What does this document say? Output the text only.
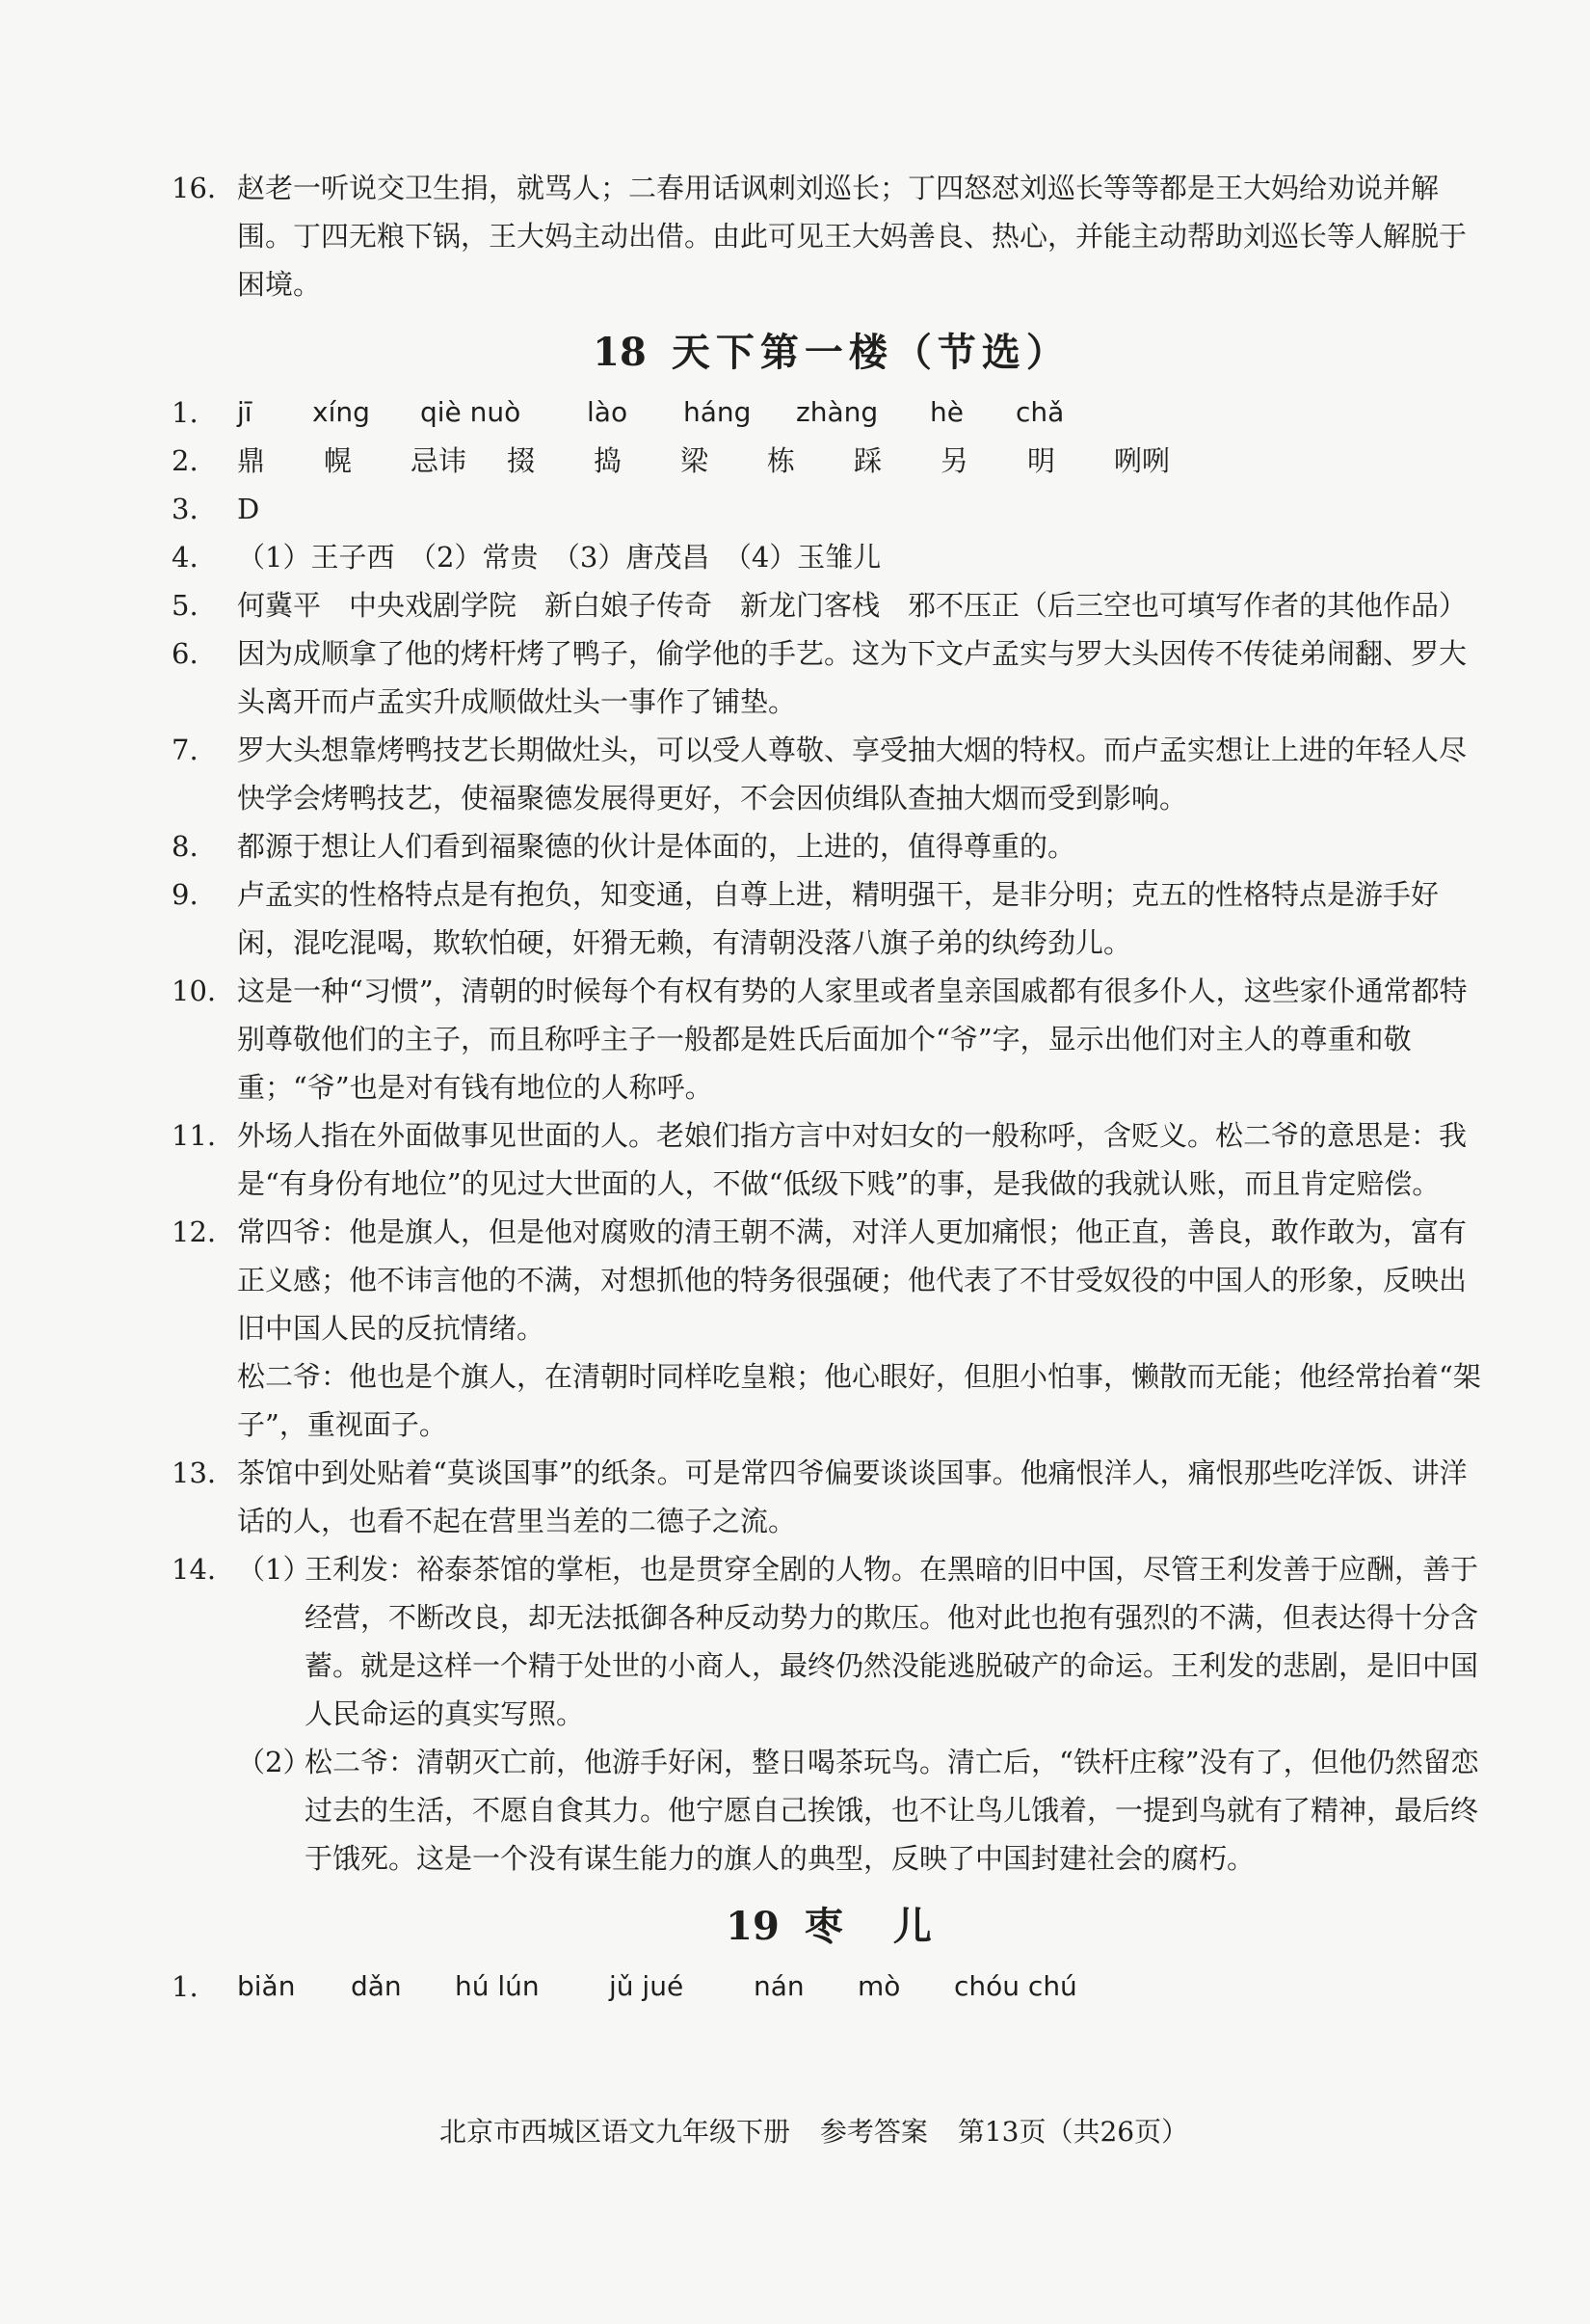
16. 赵老一听说交卫生捐，就骂人；二春用话讽刺刘巡长；丁四怒怼刘巡长等等都是王大妈给劝说并解围。丁四无粮下锅，王大妈主动出借。由此可见王大妈善良、热心，并能主动帮助刘巡长等人解脱于困境。

18 天下第一楼（节选）
1.	jī	xíng	qiè nuò	lào	háng	zhàng	hè	chǎ
2.	鼎	幌	忌讳	掇	捣	梁	栋	踩	另	明	咧咧

3.	D

4.	（1）王子西　（2）常贵　（3）唐茂昌　（4）玉雏儿

5.	何冀平　中央戏剧学院　新白娘子传奇　新龙门客栈　邪不压正（后三空也可填写作者的其他作品）

6.	因为成顺拿了他的烤杆烤了鸭子，偷学他的手艺。这为下文卢孟实与罗大头因传不传徒弟闹翻、罗大头离开而卢孟实升成顺做灶头一事作了铺垫。

7.	罗大头想靠烤鸭技艺长期做灶头，可以受人尊敬、享受抽大烟的特权。而卢孟实想让上进的年轻人尽快学会烤鸭技艺，使福聚德发展得更好，不会因侦缉队查抽大烟而受到影响。

8.	都源于想让人们看到福聚德的伙计是体面的，上进的，值得尊重的。

9.	卢孟实的性格特点是有抱负，知变通，自尊上进，精明强干，是非分明；克五的性格特点是游手好闲，混吃混喝，欺软怕硬，奸猾无赖，有清朝没落八旗子弟的纨绔劲儿。

10. 这是一种“习惯”，清朝的时候每个有权有势的人家里或者皇亲国戚都有很多仆人，这些家仆通常都特别尊敬他们的主子，而且称呼主子一般都是姓氏后面加个“爷”字，显示出他们对主人的尊重和敬重；“爷”也是对有钱有地位的人称呼。

11. 外场人指在外面做事见世面的人。老娘们指方言中对妇女的一般称呼，含贬义。松二爷的意思是：我是“有身份有地位”的见过大世面的人，不做“低级下贱”的事，是我做的我就认账，而且肯定赔偿。

12. 常四爷：他是旗人，但是他对腐败的清王朝不满，对洋人更加痛恨；他正直，善良，敢作敢为，富有正义感；他不讳言他的不满，对想抓他的特务很强硬；他代表了不甘受奴役的中国人的形象，反映出旧中国人民的反抗情绪。

松二爷：他也是个旗人，在清朝时同样吃皇粮；他心眼好，但胆小怕事，懒散而无能；他经常抬着“架子”，重视面子。

13. 茶馆中到处贴着“莫谈国事”的纸条。可是常四爷偏要谈谈国事。他痛恨洋人，痛恨那些吃洋饭、讲洋话的人，也看不起在营里当差的二德子之流。

14. （1）
王利发：裕泰茶馆的掌柜，也是贯穿全剧的人物。在黑暗的旧中国，尽管王利发善于应酬，善于经营，不断改良，却无法抵御各种反动势力的欺压。他对此也抱有强烈的不满，但表达得十分含蓄。就是这样一个精于处世的小商人，最终仍然没能逃脱破产的命运。王利发的悲剧，是旧中国人民命运的真实写照。
（2）
松二爷：清朝灭亡前，他游手好闲，整日喝茶玩鸟。清亡后，“铁杆庄稼”没有了，但他仍然留恋过去的生活，不愿自食其力。他宁愿自己挨饿，也不让鸟儿饿着，一提到鸟就有了精神，最后终于饿死。这是一个没有谋生能力的旗人的典型，反映了中国封建社会的腐朽。
19 枣　儿
1.	biǎn	dǎn	hú lún	jǔ jué	nán	mò	chóu chú
北京市西城区语文九年级下册 参考答案 第13页（共26页）
